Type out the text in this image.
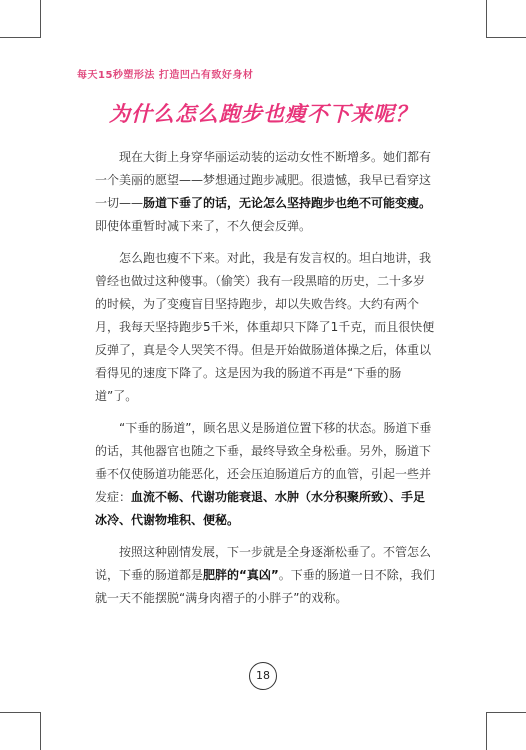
每天15秒塑形法 打造凹凸有致好身材
为什么怎么跑步也瘦不下来呢？

现在大街上身穿华丽运动装的运动女性不断增多。她们都有一个美丽的愿望——梦想通过跑步减肥。很遗憾，我早已看穿这一切——肠道下垂了的话，无论怎么坚持跑步也绝不可能变瘦。即使体重暂时减下来了，不久便会反弹。

怎么跑也瘦不下来。对此，我是有发言权的。坦白地讲，我曾经也做过这种傻事。（偷笑）我有一段黑暗的历史，二十多岁的时候，为了变瘦盲目坚持跑步，却以失败告终。大约有两个月，我每天坚持跑步5千米，体重却只下降了1千克，而且很快便反弹了，真是令人哭笑不得。但是开始做肠道体操之后，体重以看得见的速度下降了。这是因为我的肠道不再是“下垂的肠道”了。

“下垂的肠道”，顾名思义是肠道位置下移的状态。肠道下垂的话，其他器官也随之下垂，最终导致全身松垂。另外，肠道下垂不仅使肠道功能恶化，还会压迫肠道后方的血管，引起一些并发症：血流不畅、代谢功能衰退、水肿（水分积聚所致）、手足冰冷、代谢物堆积、便秘。

按照这种剧情发展，下一步就是全身逐渐松垂了。不管怎么说，下垂的肠道都是肥胖的“真凶”。下垂的肠道一日不除，我们就一天不能摆脱“满身肉褶子的小胖子”的戏称。

18
